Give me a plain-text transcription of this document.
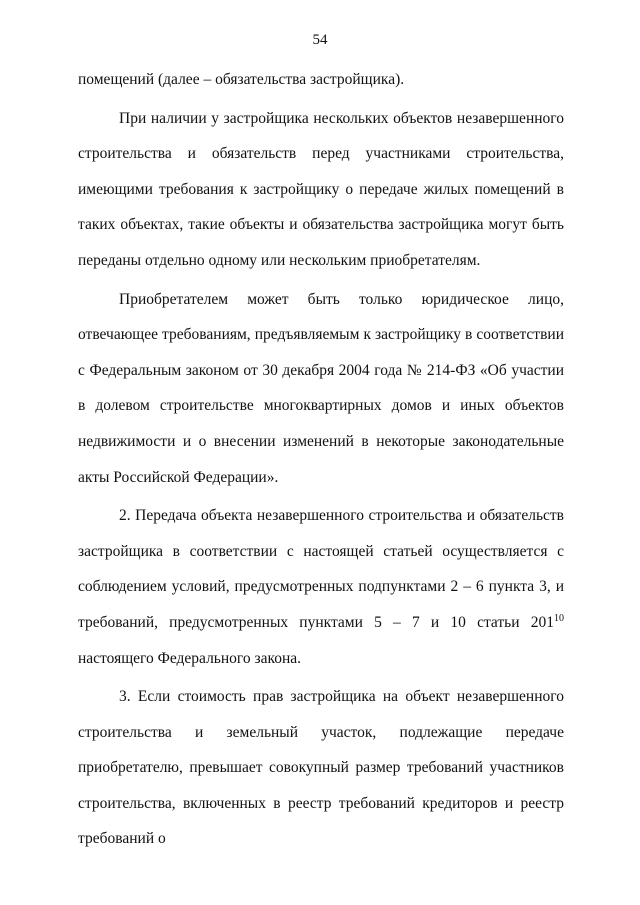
54

помещений (далее – обязательства застройщика).

При наличии у застройщика нескольких объектов незавершенного строительства и обязательств перед участниками строительства, имеющими требования к застройщику о передаче жилых помещений в таких объектах, такие объекты и обязательства застройщика могут быть переданы отдельно одному или нескольким приобретателям.

Приобретателем может быть только юридическое лицо, отвечающее требованиям, предъявляемым к застройщику в соответствии с Федеральным законом от 30 декабря 2004 года № 214-ФЗ «Об участии в долевом строительстве многоквартирных домов и иных объектов недвижимости и о внесении изменений в некоторые законодательные акты Российской Федерации».

2. Передача объекта незавершенного строительства и обязательств застройщика в соответствии с настоящей статьей осуществляется с соблюдением условий, предусмотренных подпунктами 2 – 6 пункта 3, и требований, предусмотренных пунктами 5 – 7 и 10 статьи $201^{10}$ настоящего Федерального закона.

3. Если стоимость прав застройщика на объект незавершенного строительства и земельный участок, подлежащие передаче приобретателю, превышает совокупный размер требований участников строительства, включенных в реестр требований кредиторов и реестр требований о
